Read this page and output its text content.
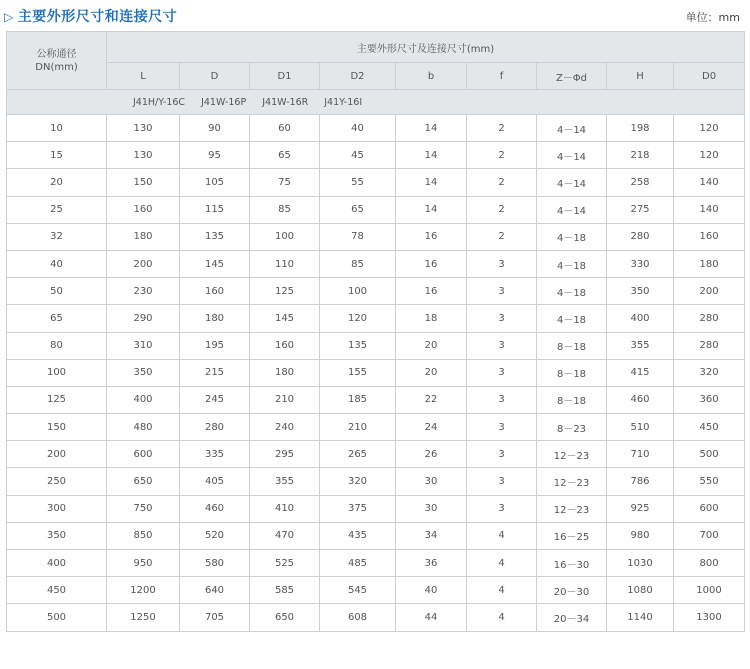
▷ 主要外形尺寸和连接尺寸	单位：mm
公称通径
DN(mm)	主要外形尺寸及连接尺寸(mm)								
	L	D	D1	D2	b	f	Z－Φd	H	D0

J41H/Y-16C J41W-16P J41W-16R J41Y-16I									

10	130	90	60	40	14	2	4－14	198	120
15	130	95	65	45	14	2	4－14	218	120
20	150	105	75	55	14	2	4－14	258	140
25	160	115	85	65	14	2	4－14	275	140
32	180	135	100	78	16	2	4－18	280	160
40	200	145	110	85	16	3	4－18	330	180
50	230	160	125	100	16	3	4－18	350	200
65	290	180	145	120	18	3	4－18	400	280
80	310	195	160	135	20	3	8－18	355	280
100	350	215	180	155	20	3	8－18	415	320
125	400	245	210	185	22	3	8－18	460	360
150	480	280	240	210	24	3	8－23	510	450
200	600	335	295	265	26	3	12－23	710	500
250	650	405	355	320	30	3	12－23	786	550
300	750	460	410	375	30	3	12－23	925	600
350	850	520	470	435	34	4	16－25	980	700
400	950	580	525	485	36	4	16－30	1030	800
450	1200	640	585	545	40	4	20－30	1080	1000
500	1250	705	650	608	44	4	20－34	1140	1300
